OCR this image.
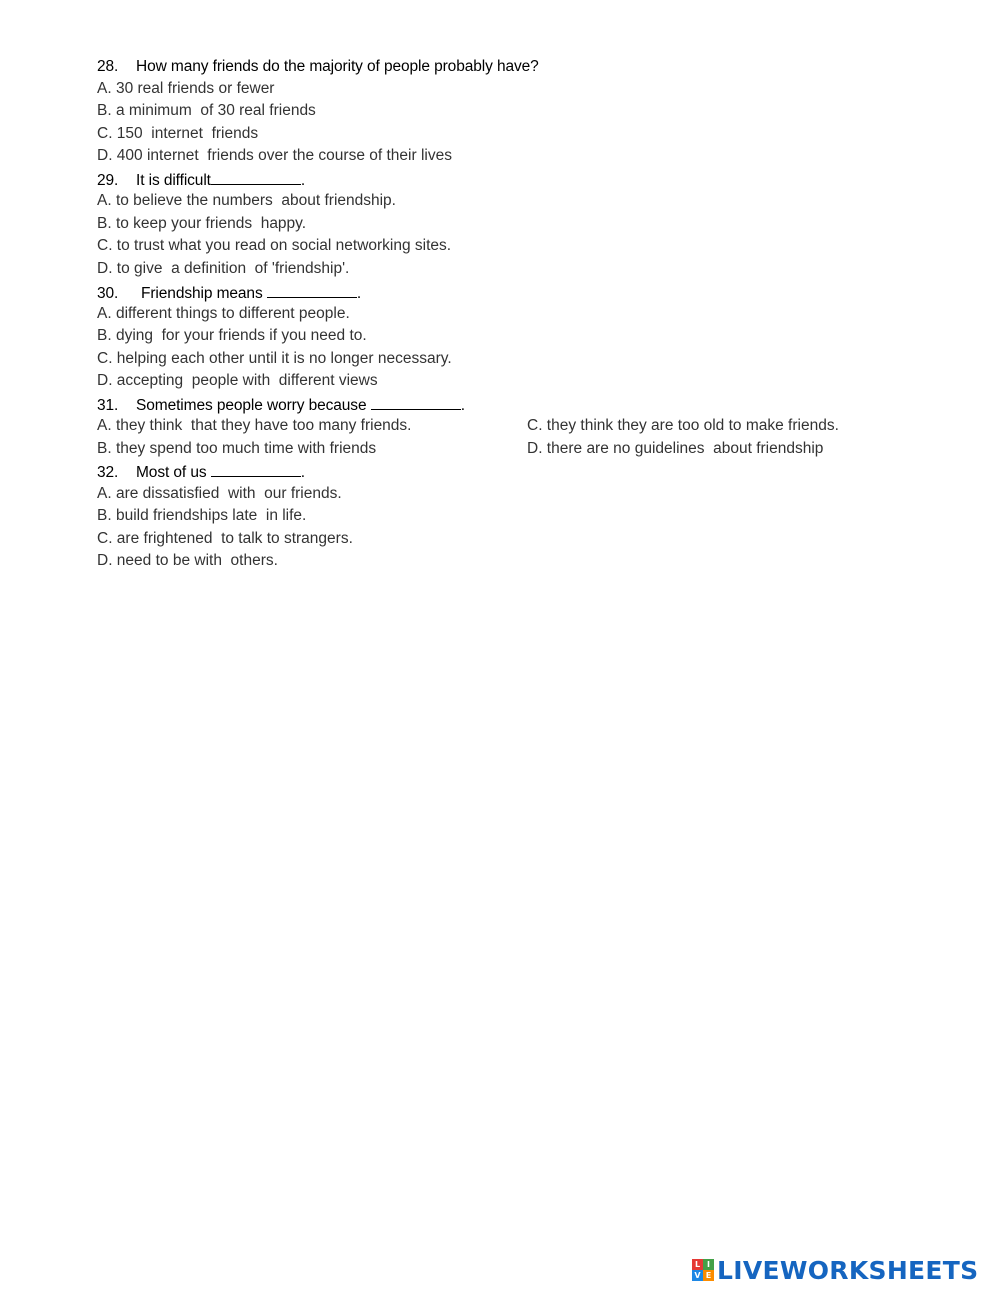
28. How many friends do the majority of people probably have?
A. 30 real friends or fewer
B. a minimum  of 30 real friends
C. 150  internet  friends
D. 400 internet  friends over the course of their lives
29. It is difficult	.
A. to believe the numbers  about friendship.
B. to keep your friends  happy.
C. to trust what you read on social networking sites.
D. to give  a definition  of 'friendship'.
30. Friendship means	.
A. different things to different people.
B. dying  for your friends if you need to.
C. helping each other until it is no longer necessary.
D. accepting  people with  different views
31. Sometimes people worry because	.
A. they think  that they have too many friends.
B. they spend too much time with friends
C. they think they are too old to make friends.
D. there are no guidelines  about friendship
32. Most of us	.
A. are dissatisfied  with  our friends.
B. build friendships late  in life.
C. are frightened  to talk to strangers.
D. need to be with  others.
L I
V E LIVEWORKSHEETS
